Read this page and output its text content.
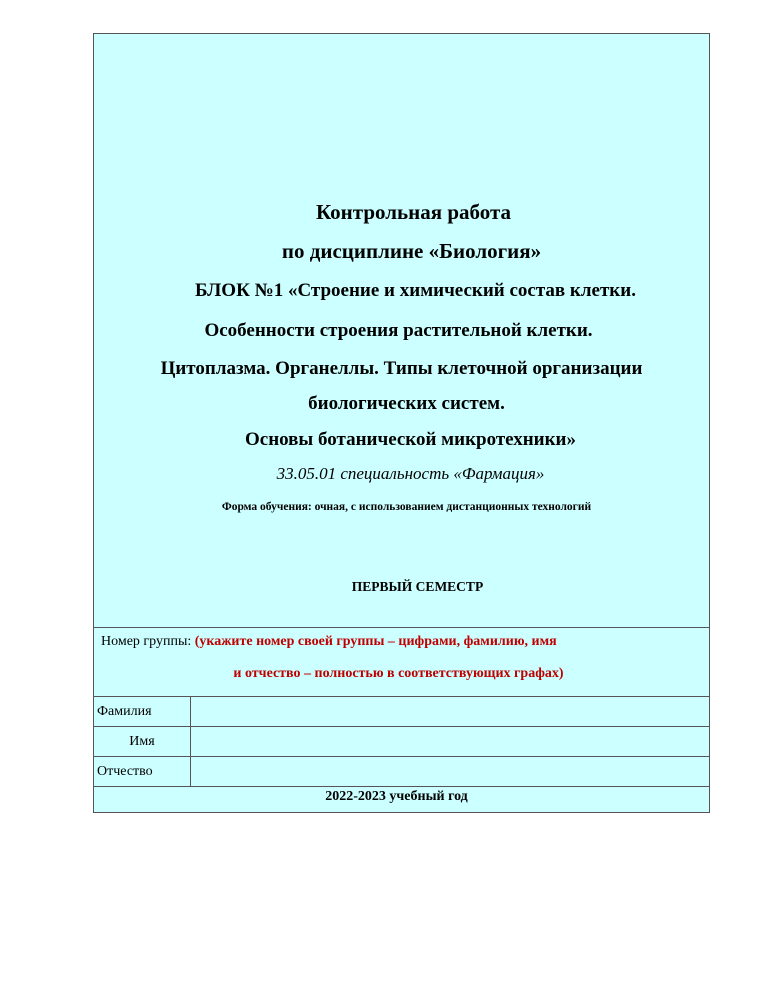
Контрольная работа
по дисциплине «Биология»
БЛОК №1 «Строение и химический состав клетки.
Особенности строения растительной клетки.
Цитоплазма. Органеллы. Типы клеточной организации
биологических систем.
Основы ботанической микротехники»
33.05.01 специальность «Фармация»
Форма обучения: очная, с использованием дистанционных технологий
ПЕРВЫЙ СЕМЕСТР
Номер группы: (укажите номер своей группы – цифрами, фамилию, имя
и отчество – полностью в соответствующих графах)
Фамилия
Имя
Отчество
2022-2023 учебный год
